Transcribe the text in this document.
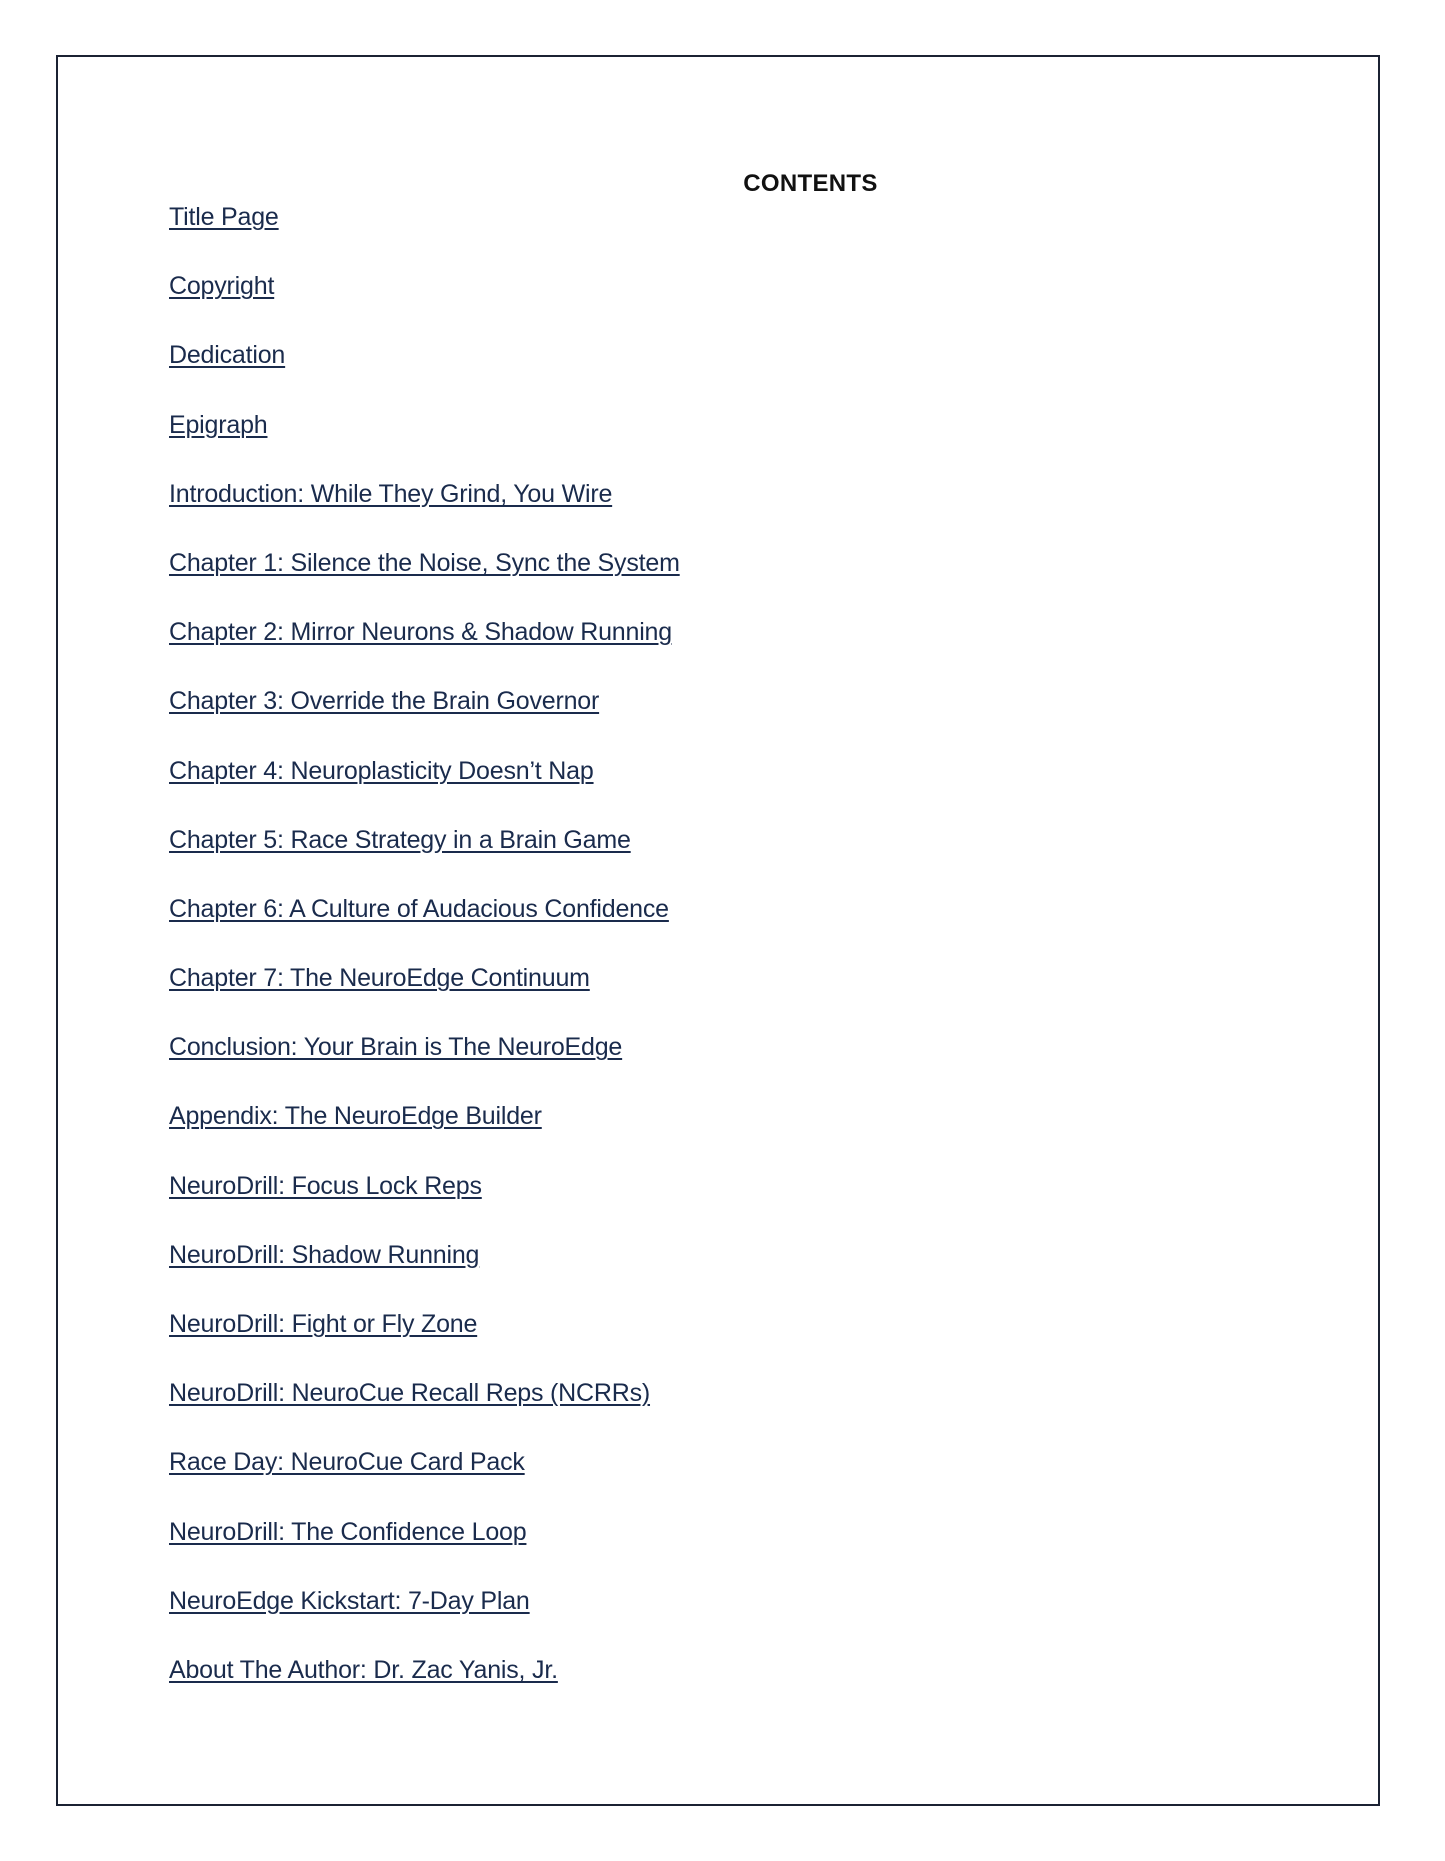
CONTENTS
Title Page
Copyright
Dedication
Epigraph
Introduction: While They Grind, You Wire
Chapter 1: Silence the Noise, Sync the System
Chapter 2: Mirror Neurons & Shadow Running
Chapter 3: Override the Brain Governor
Chapter 4: Neuroplasticity Doesn’t Nap
Chapter 5: Race Strategy in a Brain Game
Chapter 6: A Culture of Audacious Confidence
Chapter 7: The NeuroEdge Continuum
Conclusion: Your Brain is The NeuroEdge
Appendix: The NeuroEdge Builder
NeuroDrill: Focus Lock Reps
NeuroDrill: Shadow Running
NeuroDrill: Fight or Fly Zone
NeuroDrill: NeuroCue Recall Reps (NCRRs)
Race Day: NeuroCue Card Pack
NeuroDrill: The Confidence Loop
NeuroEdge Kickstart: 7-Day Plan
About The Author: Dr. Zac Yanis, Jr.
